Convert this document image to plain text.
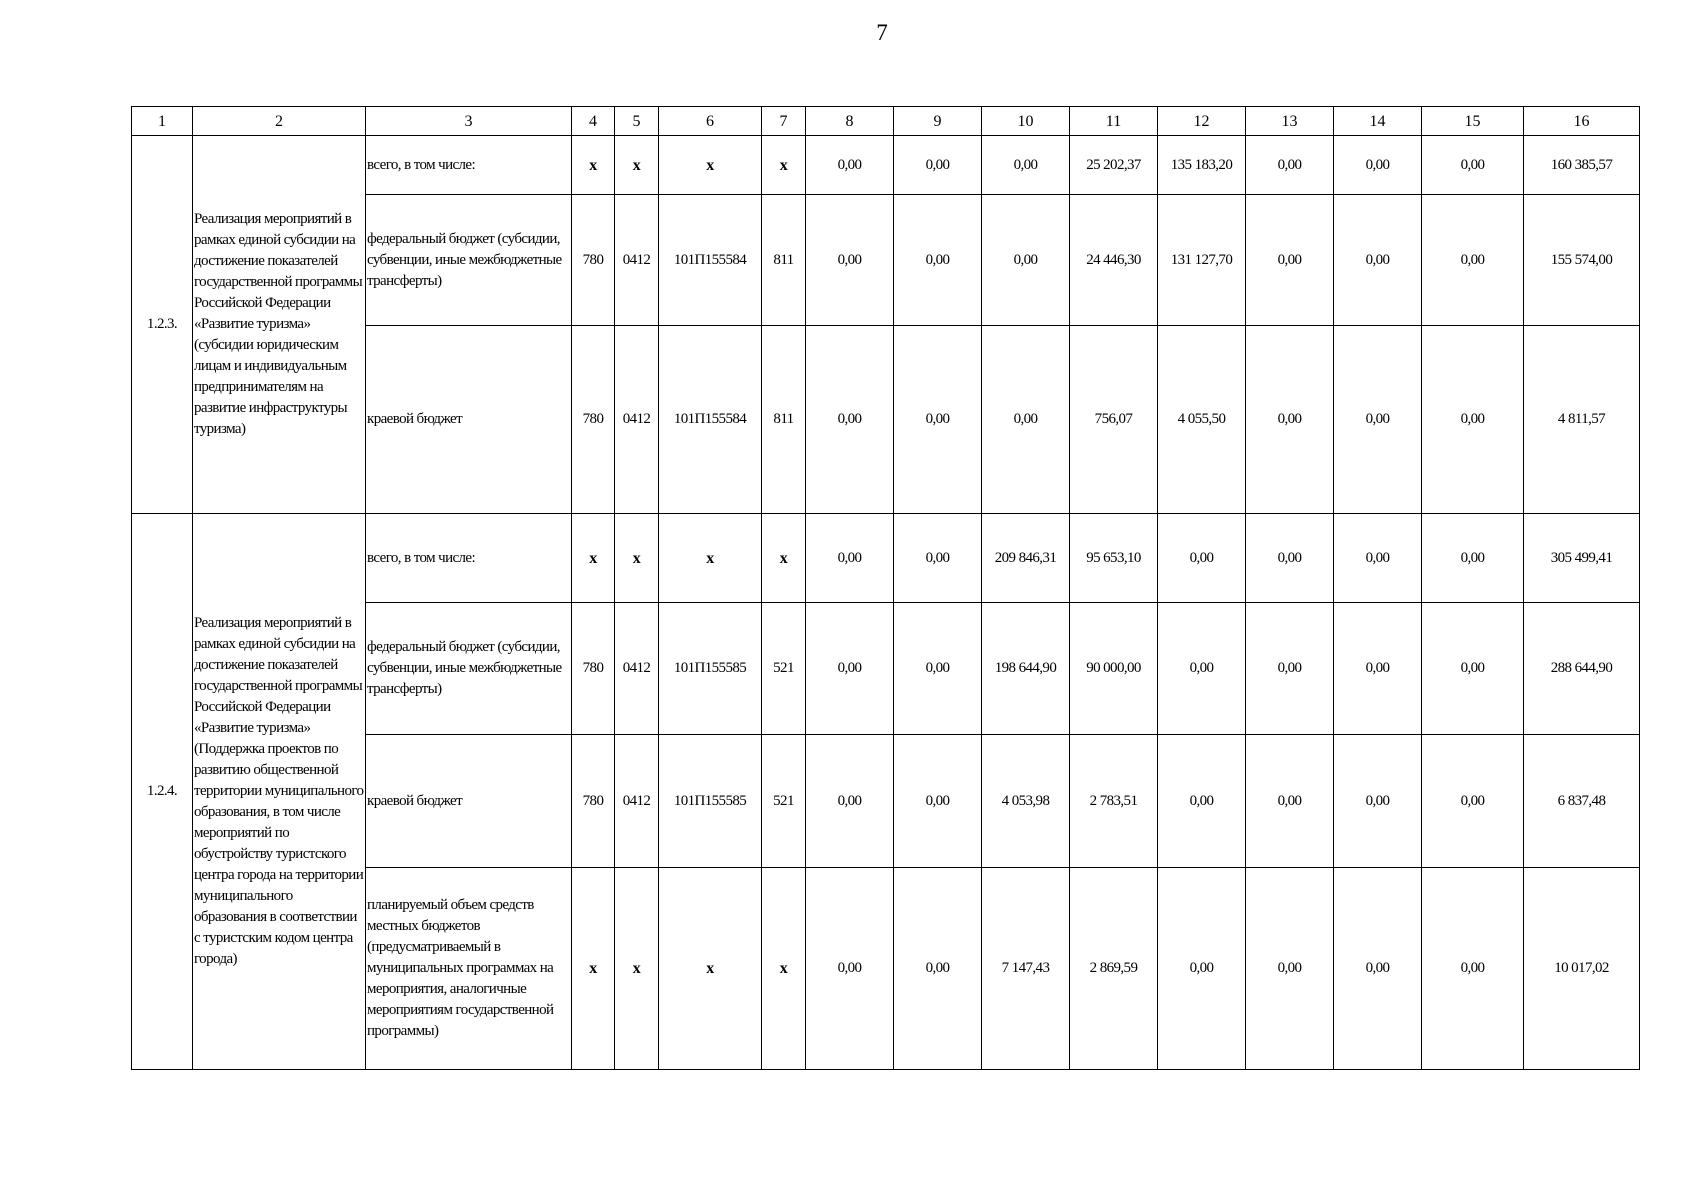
7
1	2	3	4	5	6	7	8	9	10	11	12	13	14	15	16
1.2.3.	Реализация мероприятий в рамках единой субсидии на достижение показателей государственной программы Российской Федерации «Развитие туризма» (субсидии юридическим лицам и индивидуальным предпринимателям на развитие инфраструктуры туризма)	всего, в том числе:	x	x	x	x	0,00	0,00	0,00	25 202,37	135 183,20	0,00	0,00	0,00	160 385,57
		федеральный бюджет (субсидии, субвенции, иные межбюджетные трансферты)	780	0412	101П155584	811	0,00	0,00	0,00	24 446,30	131 127,70	0,00	0,00	0,00	155 574,00
		краевой бюджет	780	0412	101П155584	811	0,00	0,00	0,00	756,07	4 055,50	0,00	0,00	0,00	4 811,57
1.2.4.	Реализация мероприятий в рамках единой субсидии на достижение показателей государственной программы Российской Федерации «Развитие туризма» (Поддержка проектов по развитию общественной территории муниципального образования, в том числе мероприятий по обустройству туристского центра города на территории муниципального образования в соответствии с туристским кодом центра города)	всего, в том числе:	x	x	x	x	0,00	0,00	209 846,31	95 653,10	0,00	0,00	0,00	0,00	305 499,41
		федеральный бюджет (субсидии, субвенции, иные межбюджетные трансферты)	780	0412	101П155585	521	0,00	0,00	198 644,90	90 000,00	0,00	0,00	0,00	0,00	288 644,90
		краевой бюджет	780	0412	101П155585	521	0,00	0,00	4 053,98	2 783,51	0,00	0,00	0,00	0,00	6 837,48
		планируемый объем средств местных бюджетов (предусматриваемый в муниципальных программах на мероприятия, аналогичные мероприятиям государственной программы)	x	x	x	x	0,00	0,00	7 147,43	2 869,59	0,00	0,00	0,00	0,00	10 017,02
